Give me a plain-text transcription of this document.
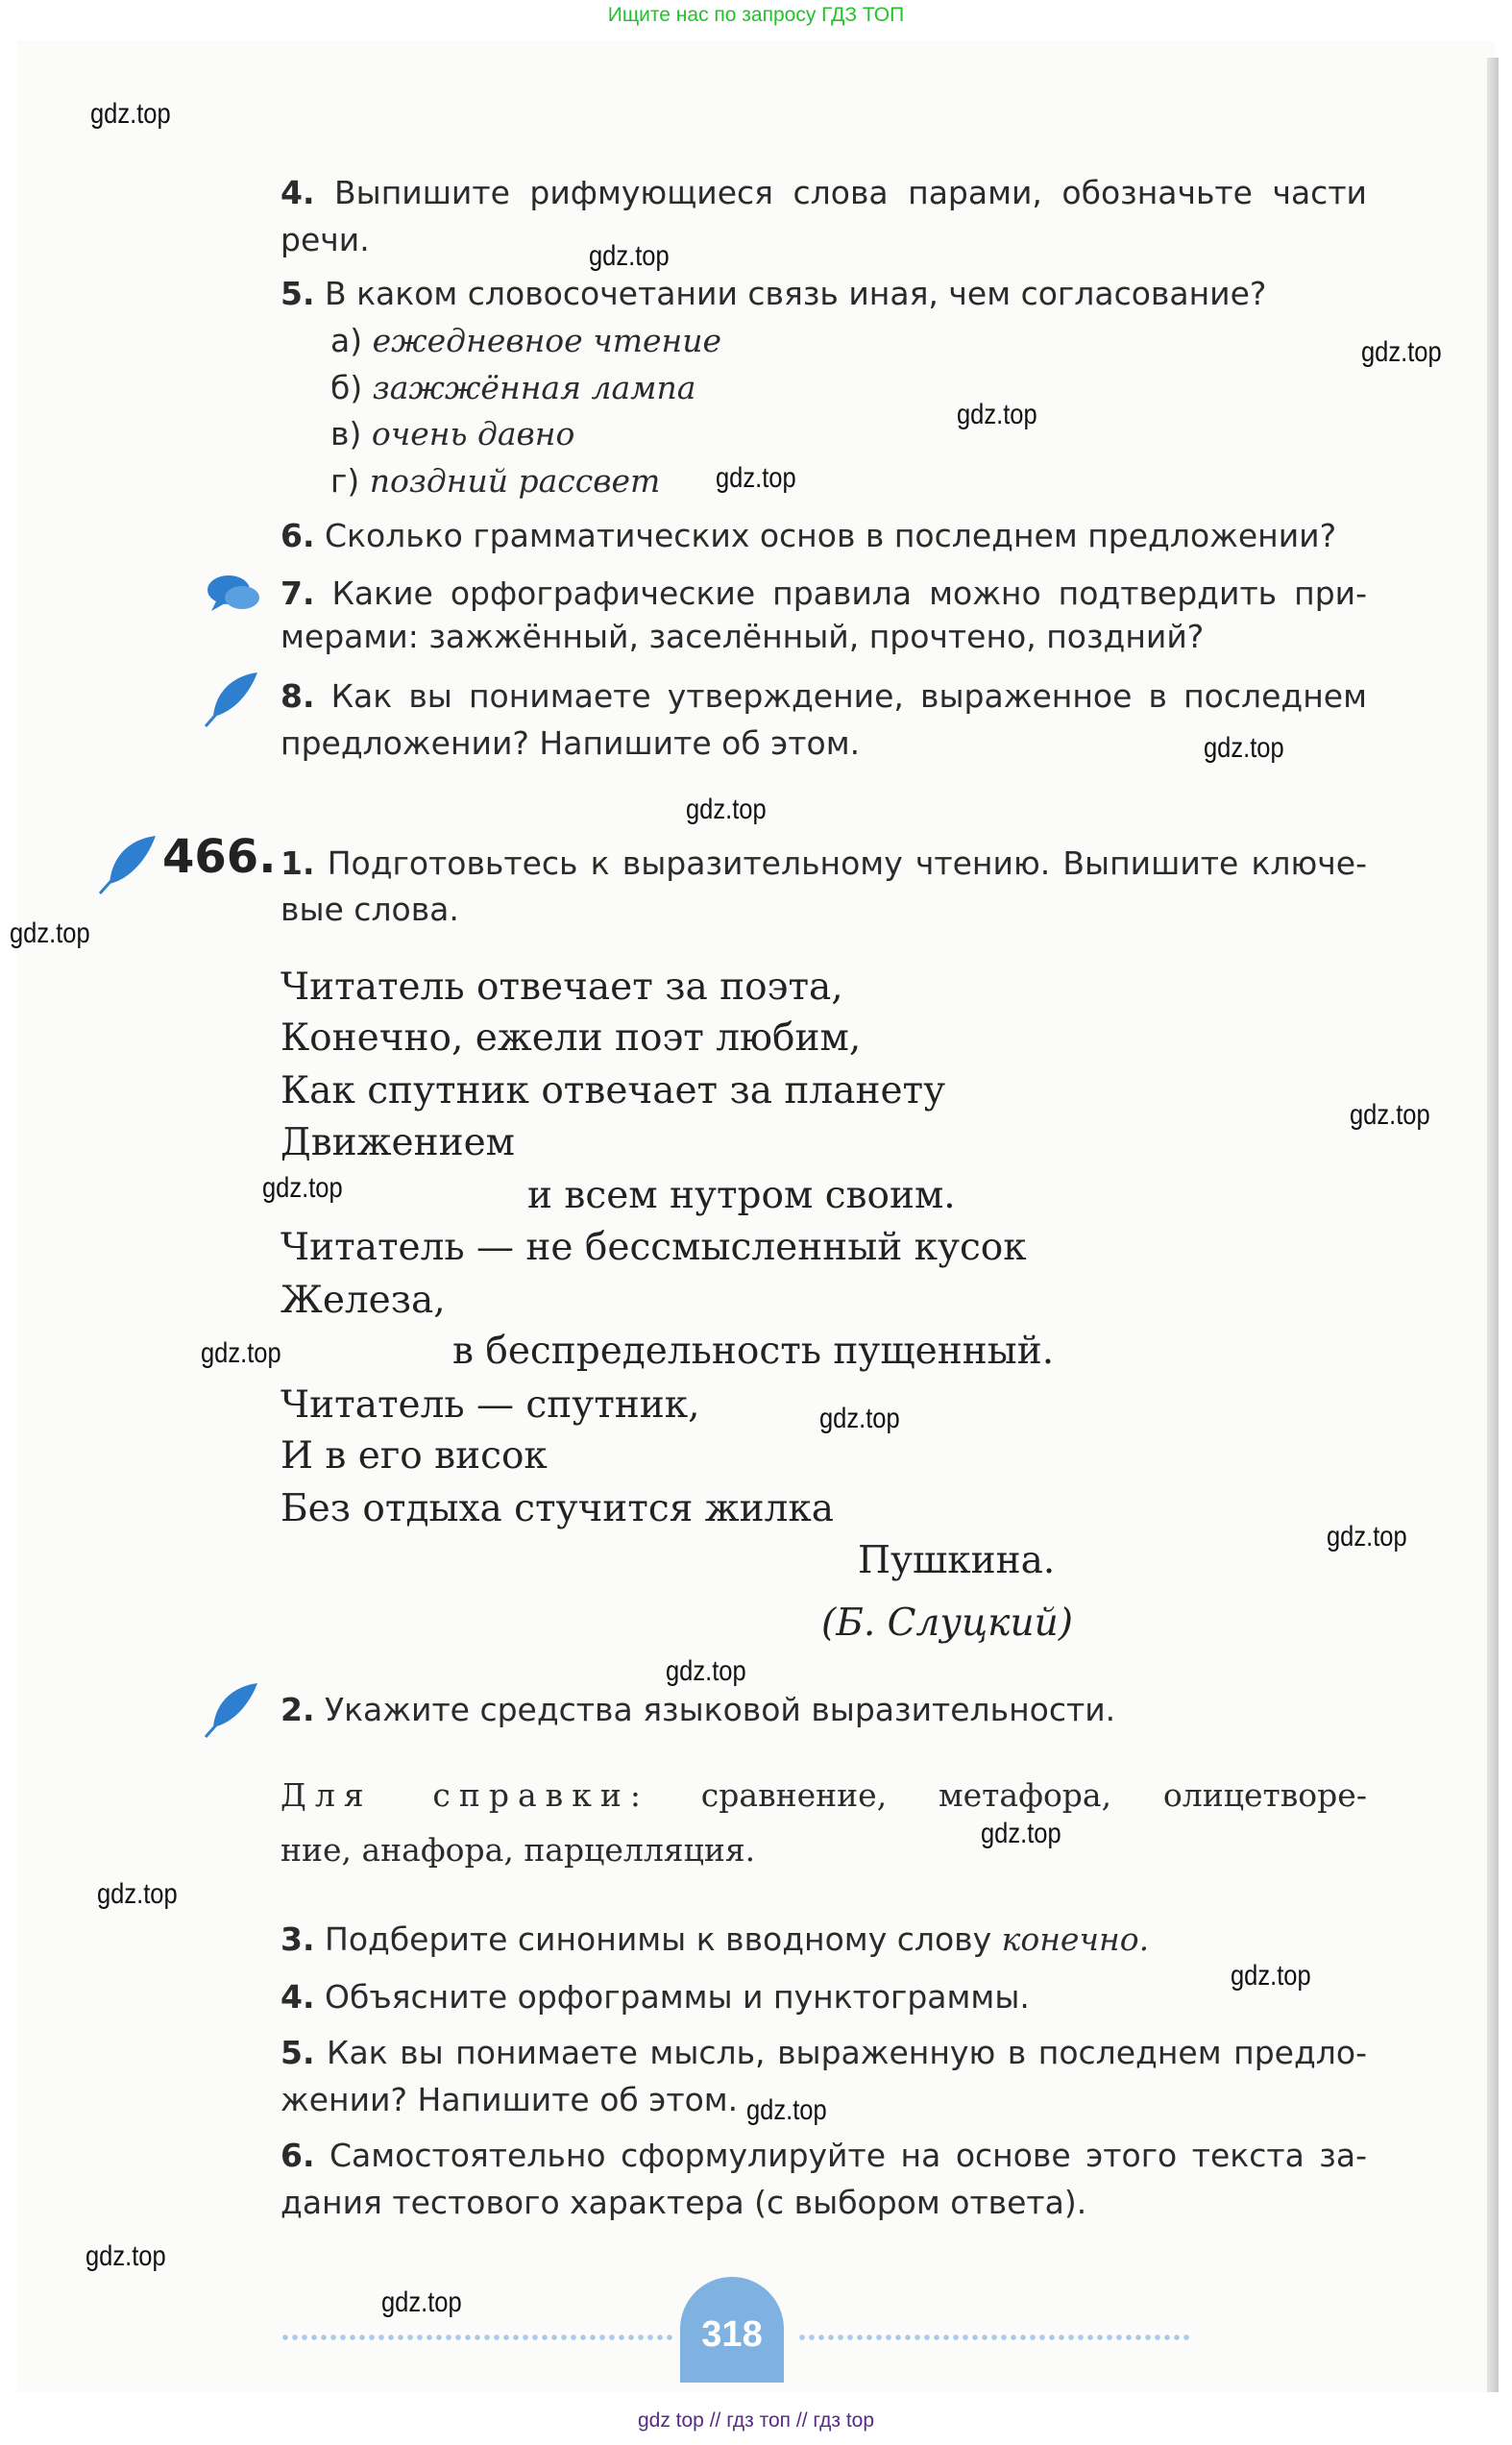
Ищите нас по запросу ГДЗ ТОП
4. Выпишите рифмующиеся слова парами, обозначьте части
речи.
5. В каком словосочетании связь иная, чем согласование?
а) ежедневное чтение
б) зажжённая лампа
в) очень давно
г) поздний рассвет
6. Сколько грамматических основ в последнем предложении?
7. Какие орфографические правила можно подтвердить при-
мерами: зажжённый, заселённый, прочтено, поздний?
8. Как вы понимаете утверждение, выраженное в последнем
предложении? Напишите об этом.
466. 1. Подготовьтесь к выразительному чтению. Выпишите ключе-
вые слова.
Читатель отвечает за поэта,
Конечно, ежели поэт любим,
Как спутник отвечает за планету
Движением
и всем нутром своим.
Читатель — не бессмысленный кусок
Железа,
в беспредельность пущенный.
Читатель — спутник,
И в его висок
Без отдыха стучится жилка
Пушкина.
(Б. Слуцкий)
2. Укажите средства языковой выразительности.
Для справки: сравнение, метафора, олицетворе-
ние, анафора, парцелляция.
3. Подберите синонимы к вводному слову конечно.
4. Объясните орфограммы и пунктограммы.
5. Как вы понимаете мысль, выраженную в последнем предло-
жении? Напишите об этом.
6. Самостоятельно сформулируйте на основе этого текста за-
дания тестового характера (с выбором ответа).
318
gdz.top
gdz.top
gdz.top
gdz.top
gdz.top
gdz.top
gdz.top
gdz.top
gdz.top
gdz.top
gdz.top
gdz.top
gdz.top
gdz.top
gdz.top
gdz.top
gdz.top
gdz.top
gdz.top
gdz.top
gdz top // гдз топ // гдз top
